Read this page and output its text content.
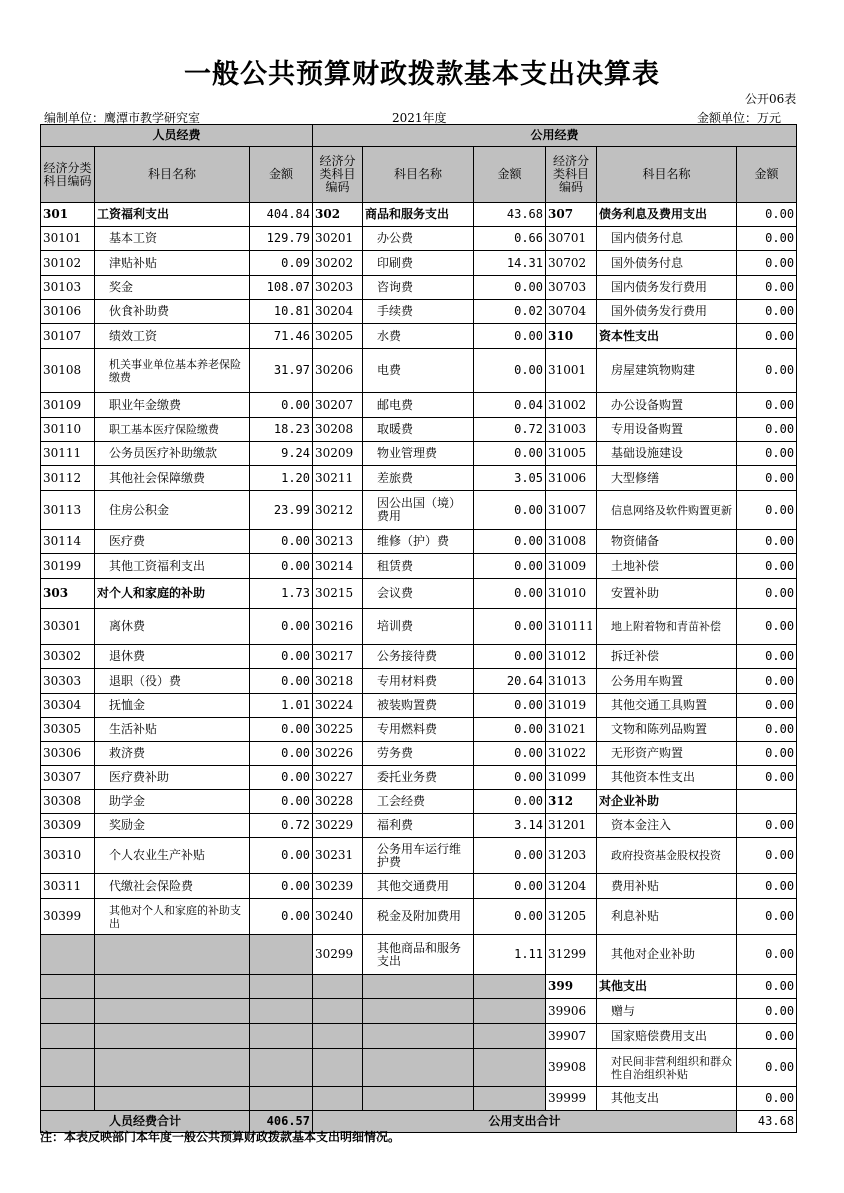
一般公共预算财政拨款基本支出决算表
公开06表
编制单位：鹰潭市教学研究室	2021年度	金额单位：万元
人员经费			公用经费					
经济分类科目编码	科目名称	金额	经济分类科目编码	科目名称	金额	经济分类科目编码	科目名称	金额
301	工资福利支出	404.84	302	商品和服务支出	43.68	307	债务利息及费用支出	0.00
30101	基本工资	129.79	30201	办公费	0.66	30701	国内债务付息	0.00
30102	津贴补贴	0.09	30202	印刷费	14.31	30702	国外债务付息	0.00
30103	奖金	108.07	30203	咨询费	0.00	30703	国内债务发行费用	0.00
30106	伙食补助费	10.81	30204	手续费	0.02	30704	国外债务发行费用	0.00
30107	绩效工资	71.46	30205	水费	0.00	310	资本性支出	0.00
30108	机关事业单位基本养老保险缴费	31.97	30206	电费	0.00	31001	房屋建筑物购建	0.00
30109	职业年金缴费	0.00	30207	邮电费	0.04	31002	办公设备购置	0.00
30110	职工基本医疗保险缴费	18.23	30208	取暖费	0.72	31003	专用设备购置	0.00
30111	公务员医疗补助缴款	9.24	30209	物业管理费	0.00	31005	基础设施建设	0.00
30112	其他社会保障缴费	1.20	30211	差旅费	3.05	31006	大型修缮	0.00
30113	住房公积金	23.99	30212	因公出国（境）费用	0.00	31007	信息网络及软件购置更新	0.00
30114	医疗费	0.00	30213	维修（护）费	0.00	31008	物资储备	0.00
30199	其他工资福利支出	0.00	30214	租赁费	0.00	31009	土地补偿	0.00
303	对个人和家庭的补助	1.73	30215	会议费	0.00	31010	安置补助	0.00
30301	离休费	0.00	30216	培训费	0.00	310111	地上附着物和青苗补偿	0.00
30302	退休费	0.00	30217	公务接待费	0.00	31012	拆迁补偿	0.00
30303	退职（役）费	0.00	30218	专用材料费	20.64	31013	公务用车购置	0.00
30304	抚恤金	1.01	30224	被装购置费	0.00	31019	其他交通工具购置	0.00
30305	生活补贴	0.00	30225	专用燃料费	0.00	31021	文物和陈列品购置	0.00
30306	救济费	0.00	30226	劳务费	0.00	31022	无形资产购置	0.00
30307	医疗费补助	0.00	30227	委托业务费	0.00	31099	其他资本性支出	0.00
30308	助学金	0.00	30228	工会经费	0.00	312	对企业补助	
30309	奖励金	0.72	30229	福利费	3.14	31201	资本金注入	0.00
30310	个人农业生产补贴	0.00	30231	公务用车运行维护费	0.00	31203	政府投资基金股权投资	0.00
30311	代缴社会保险费	0.00	30239	其他交通费用	0.00	31204	费用补贴	0.00
30399	其他对个人和家庭的补助支出	0.00	30240	税金及附加费用	0.00	31205	利息补贴	0.00
			30299	其他商品和服务支出	1.11	31299	其他对企业补助	0.00
						399	其他支出	0.00
						39906	赠与	0.00
						39907	国家赔偿费用支出	0.00
						39908	对民间非营利组织和群众性自治组织补贴	0.00
						39999	其他支出	0.00
人员经费合计		406.57	公用支出合计					43.68
注：本表反映部门本年度一般公共预算财政拨款基本支出明细情况。
